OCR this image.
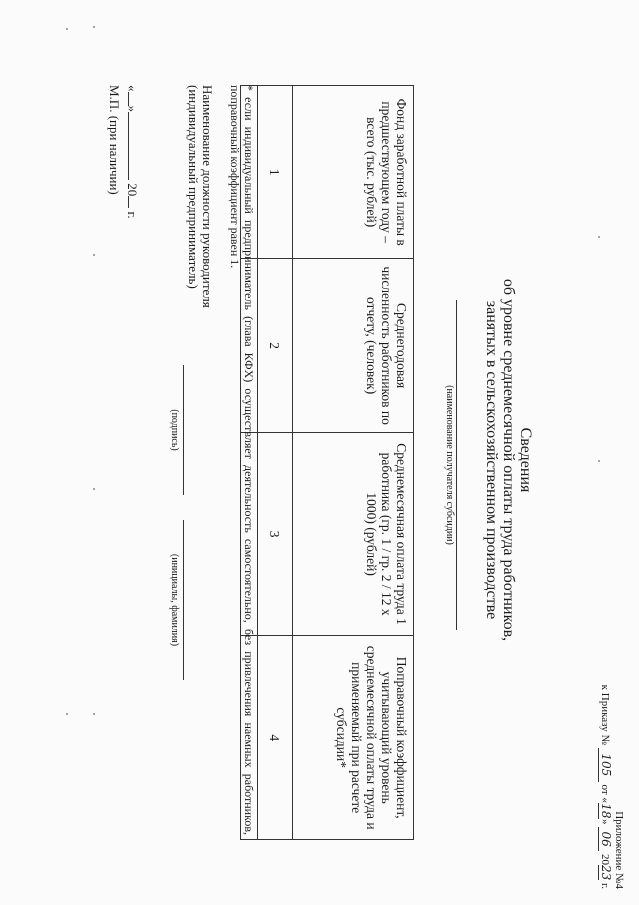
Приложение №4
к Приказу № 105 от «18» 06 2023 г.
Сведения
об уровне среднемесячной оплаты труда работников,
занятых в сельскохозяйственном производстве
(наименование получателя субсидии)
Фонд заработной платы в предшествующем году – всего (тыс. рублей)	Среднегодовая численность работников по отчету, (человек)	Среднемесячная оплата труда 1 работника (гр. 1 / гр. 2 / 12 х 1000) (рублей)	Поправочный коэффициент, учитывающий уровень среднемесячной оплаты труда и применяемый при расчете субсидии*
1	2	3	4

* если индивидуальный предприниматель (глава КФХ) осуществляет деятельность самостоятельно, без привлечения наемных работников, поправочный коэффициент равен 1.
Наименование должности руководителя
(индивидуальный предприниматель)
(подпись)
(инициалы, фамилия)
«» 20 г.
М.П. (при наличии)
